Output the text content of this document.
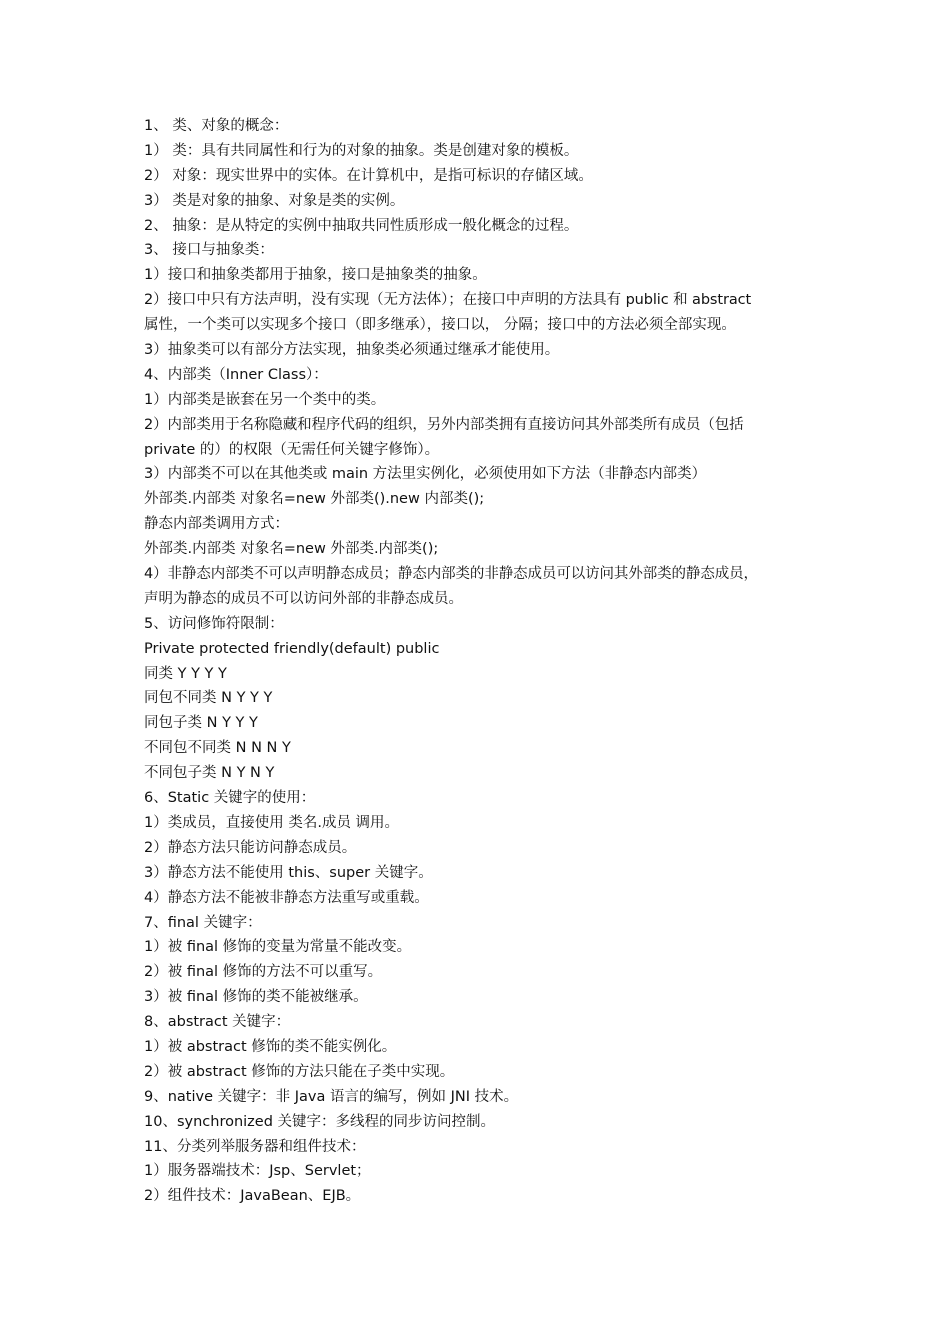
1、 类、对象的概念：
1） 类：具有共同属性和行为的对象的抽象。类是创建对象的模板。
2） 对象：现实世界中的实体。在计算机中，是指可标识的存储区域。
3） 类是对象的抽象、对象是类的实例。
2、 抽象：是从特定的实例中抽取共同性质形成一般化概念的过程。
3、 接口与抽象类：
1）接口和抽象类都用于抽象，接口是抽象类的抽象。
2）接口中只有方法声明，没有实现（无方法体）；在接口中声明的方法具有 public 和 abstract
属性，一个类可以实现多个接口（即多继承），接口以， 分隔；接口中的方法必须全部实现。
3）抽象类可以有部分方法实现，抽象类必须通过继承才能使用。
4、内部类（Inner Class）：
1）内部类是嵌套在另一个类中的类。
2）内部类用于名称隐藏和程序代码的组织，另外内部类拥有直接访问其外部类所有成员（包括
private 的）的权限（无需任何关键字修饰）。
3）内部类不可以在其他类或 main 方法里实例化，必须使用如下方法（非静态内部类）
外部类.内部类 对象名=new 外部类().new 内部类();
静态内部类调用方式：
外部类.内部类 对象名=new 外部类.内部类();
4）非静态内部类不可以声明静态成员；静态内部类的非静态成员可以访问其外部类的静态成员，
声明为静态的成员不可以访问外部的非静态成员。
5、访问修饰符限制：
Private protected friendly(default) public
同类 Y Y Y Y
同包不同类 N Y Y Y
同包子类 N Y Y Y
不同包不同类 N N N Y
不同包子类 N Y N Y
6、Static 关键字的使用：
1）类成员，直接使用 类名.成员 调用。
2）静态方法只能访问静态成员。
3）静态方法不能使用 this、super 关键字。
4）静态方法不能被非静态方法重写或重载。
7、final 关键字：
1）被 final 修饰的变量为常量不能改变。
2）被 final 修饰的方法不可以重写。
3）被 final 修饰的类不能被继承。
8、abstract 关键字：
1）被 abstract 修饰的类不能实例化。
2）被 abstract 修饰的方法只能在子类中实现。
9、native 关键字：非 Java 语言的编写，例如 JNI 技术。
10、synchronized 关键字：多线程的同步访问控制。
11、分类列举服务器和组件技术：
1）服务器端技术：Jsp、Servlet；
2）组件技术：JavaBean、EJB。
